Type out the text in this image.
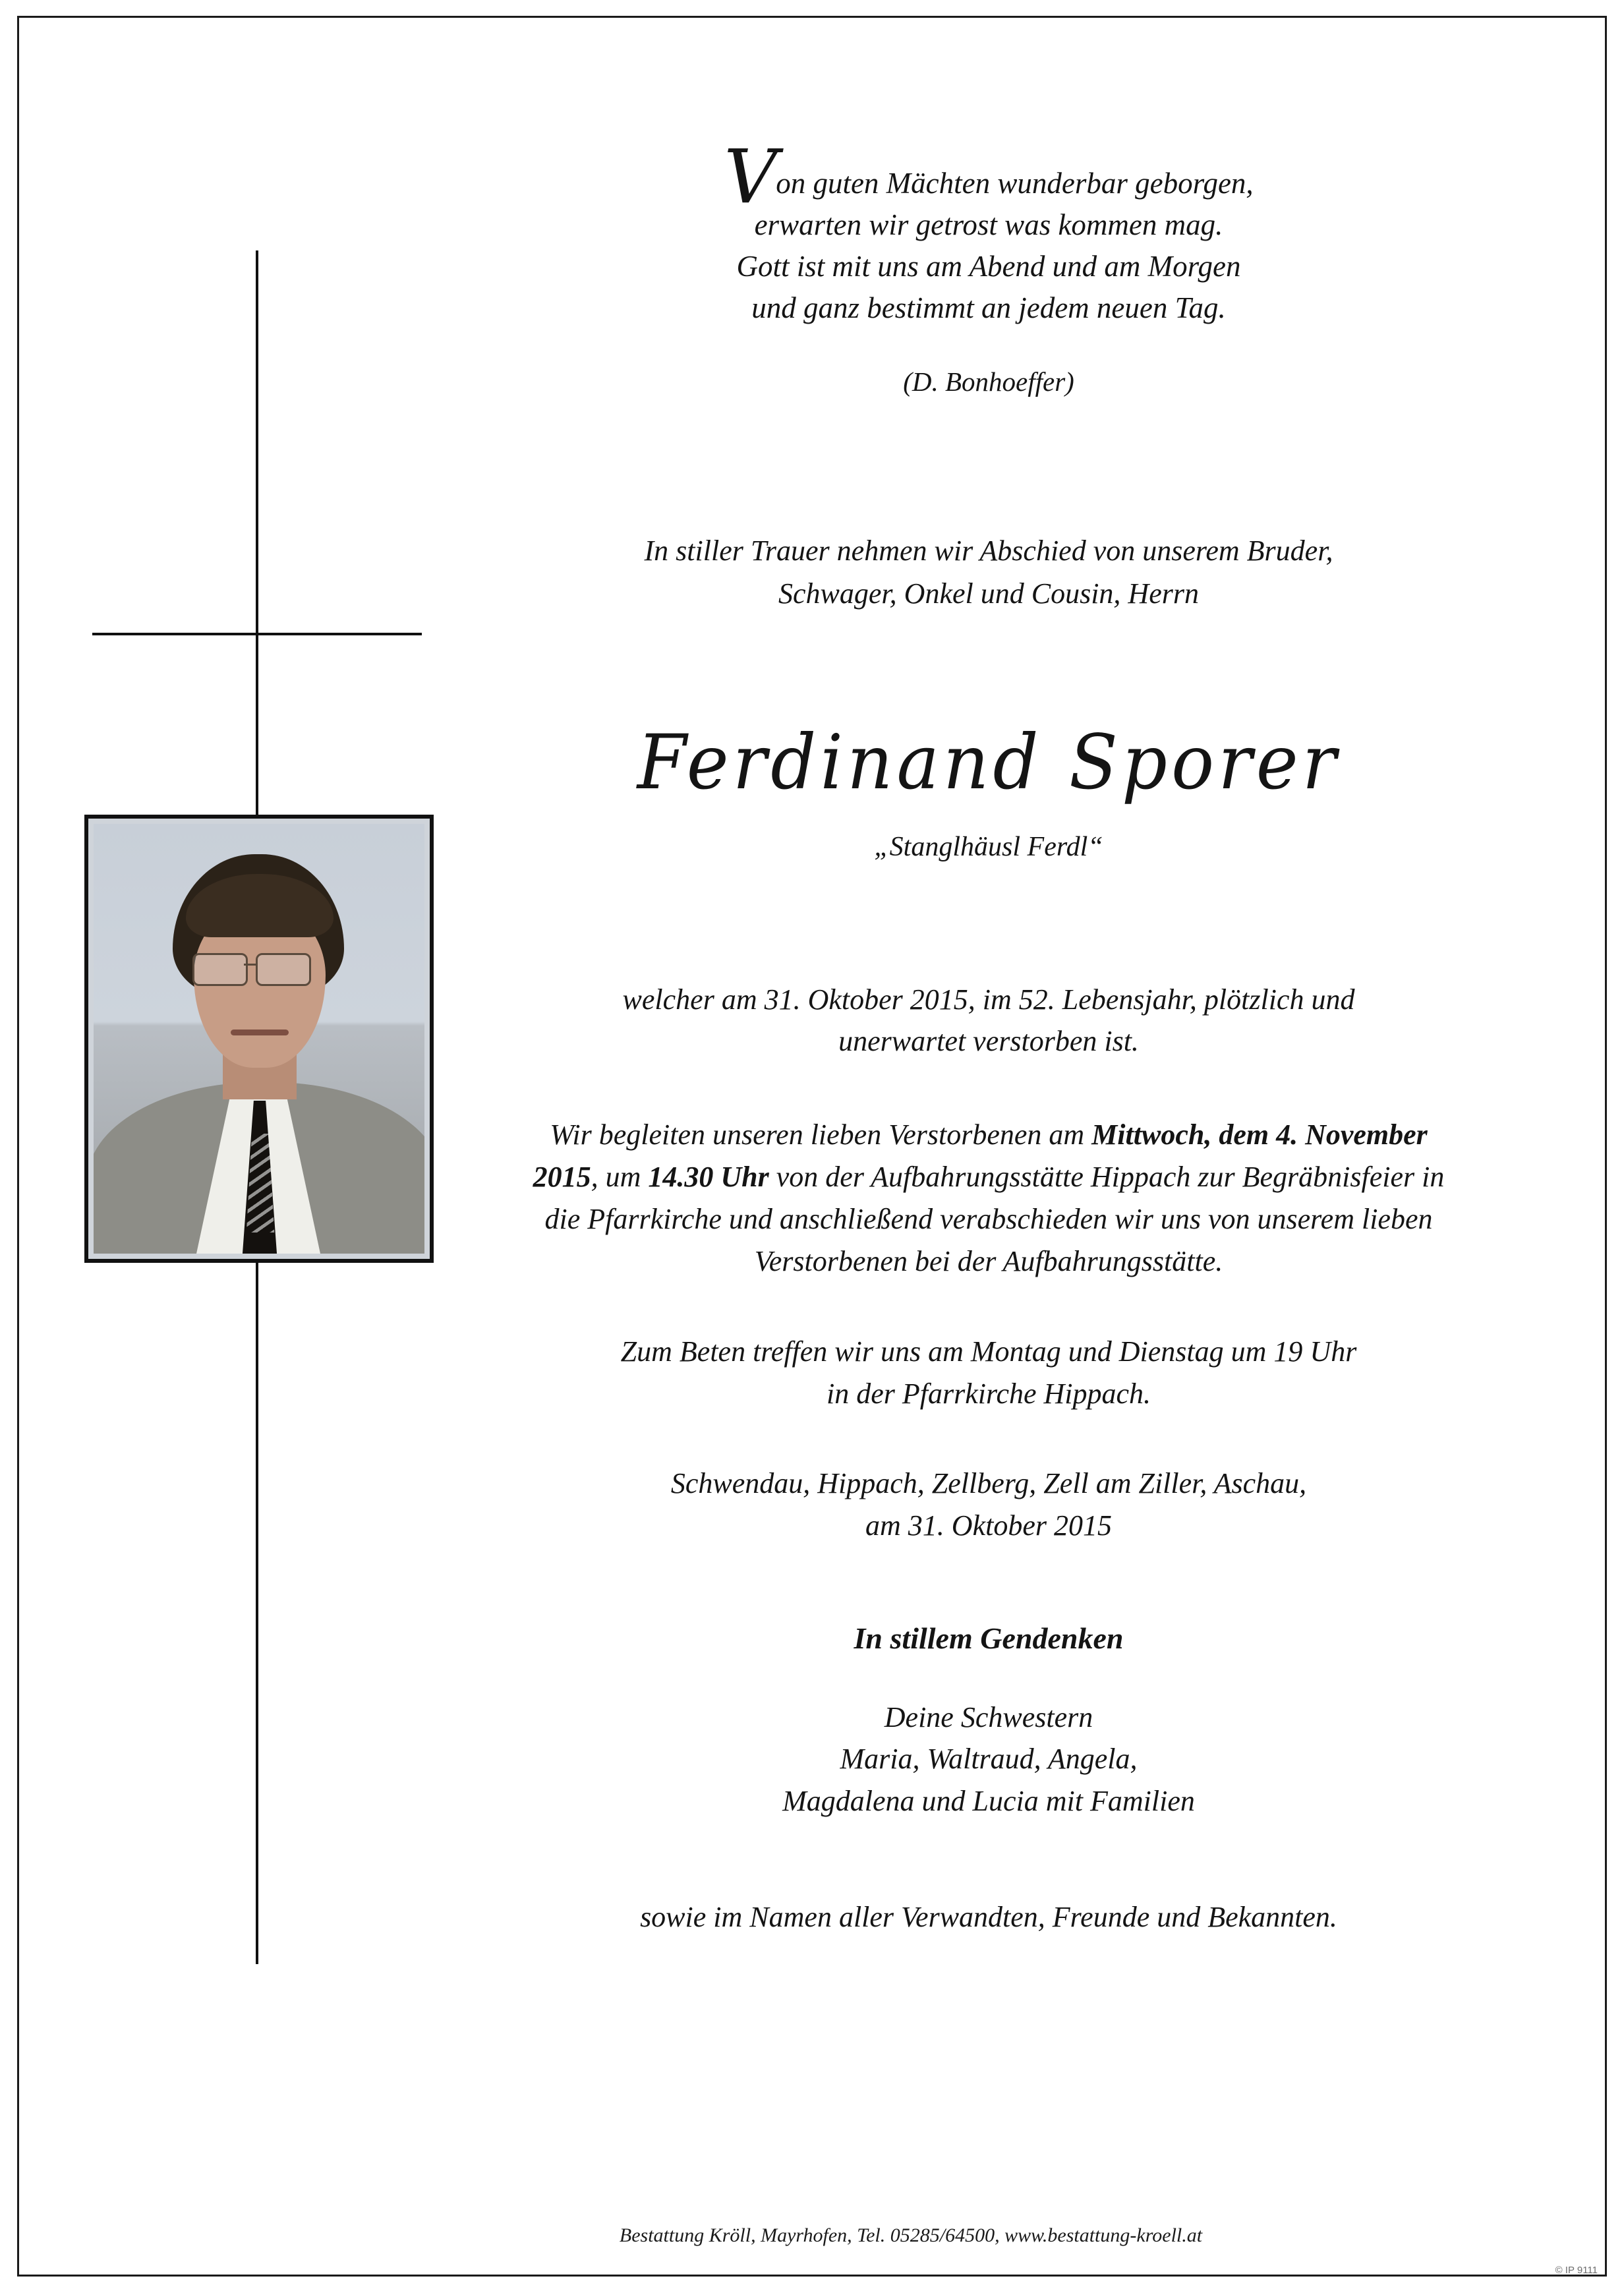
Von guten Mächten wunderbar geborgen,
erwarten wir getrost was kommen mag.
Gott ist mit uns am Abend und am Morgen
und ganz bestimmt an jedem neuen Tag.
(D. Bonhoeffer)
In stiller Trauer nehmen wir Abschied von unserem Bruder,
Schwager, Onkel und Cousin, Herrn
Ferdinand Sporer
„Stanglhäusl Ferdl“
welcher am 31. Oktober 2015, im 52. Lebensjahr, plötzlich und
unerwartet verstorben ist.
Wir begleiten unseren lieben Verstorbenen am Mittwoch, dem 4. November 2015, um 14.30 Uhr von der Aufbahrungsstätte Hippach zur Begräbnisfeier in die Pfarrkirche und anschließend verabschieden wir uns von unserem lieben Verstorbenen bei der Aufbahrungsstätte.
Zum Beten treffen wir uns am Montag und Dienstag um 19 Uhr
in der Pfarrkirche Hippach.
Schwendau, Hippach, Zellberg, Zell am Ziller, Aschau,
am 31. Oktober 2015
In stillem Gendenken
Deine Schwestern
Maria, Waltraud, Angela,
Magdalena und Lucia mit Familien
sowie im Namen aller Verwandten, Freunde und Bekannten.
Bestattung Kröll, Mayrhofen, Tel. 05285/64500, www.bestattung-kroell.at
© IP 9111
